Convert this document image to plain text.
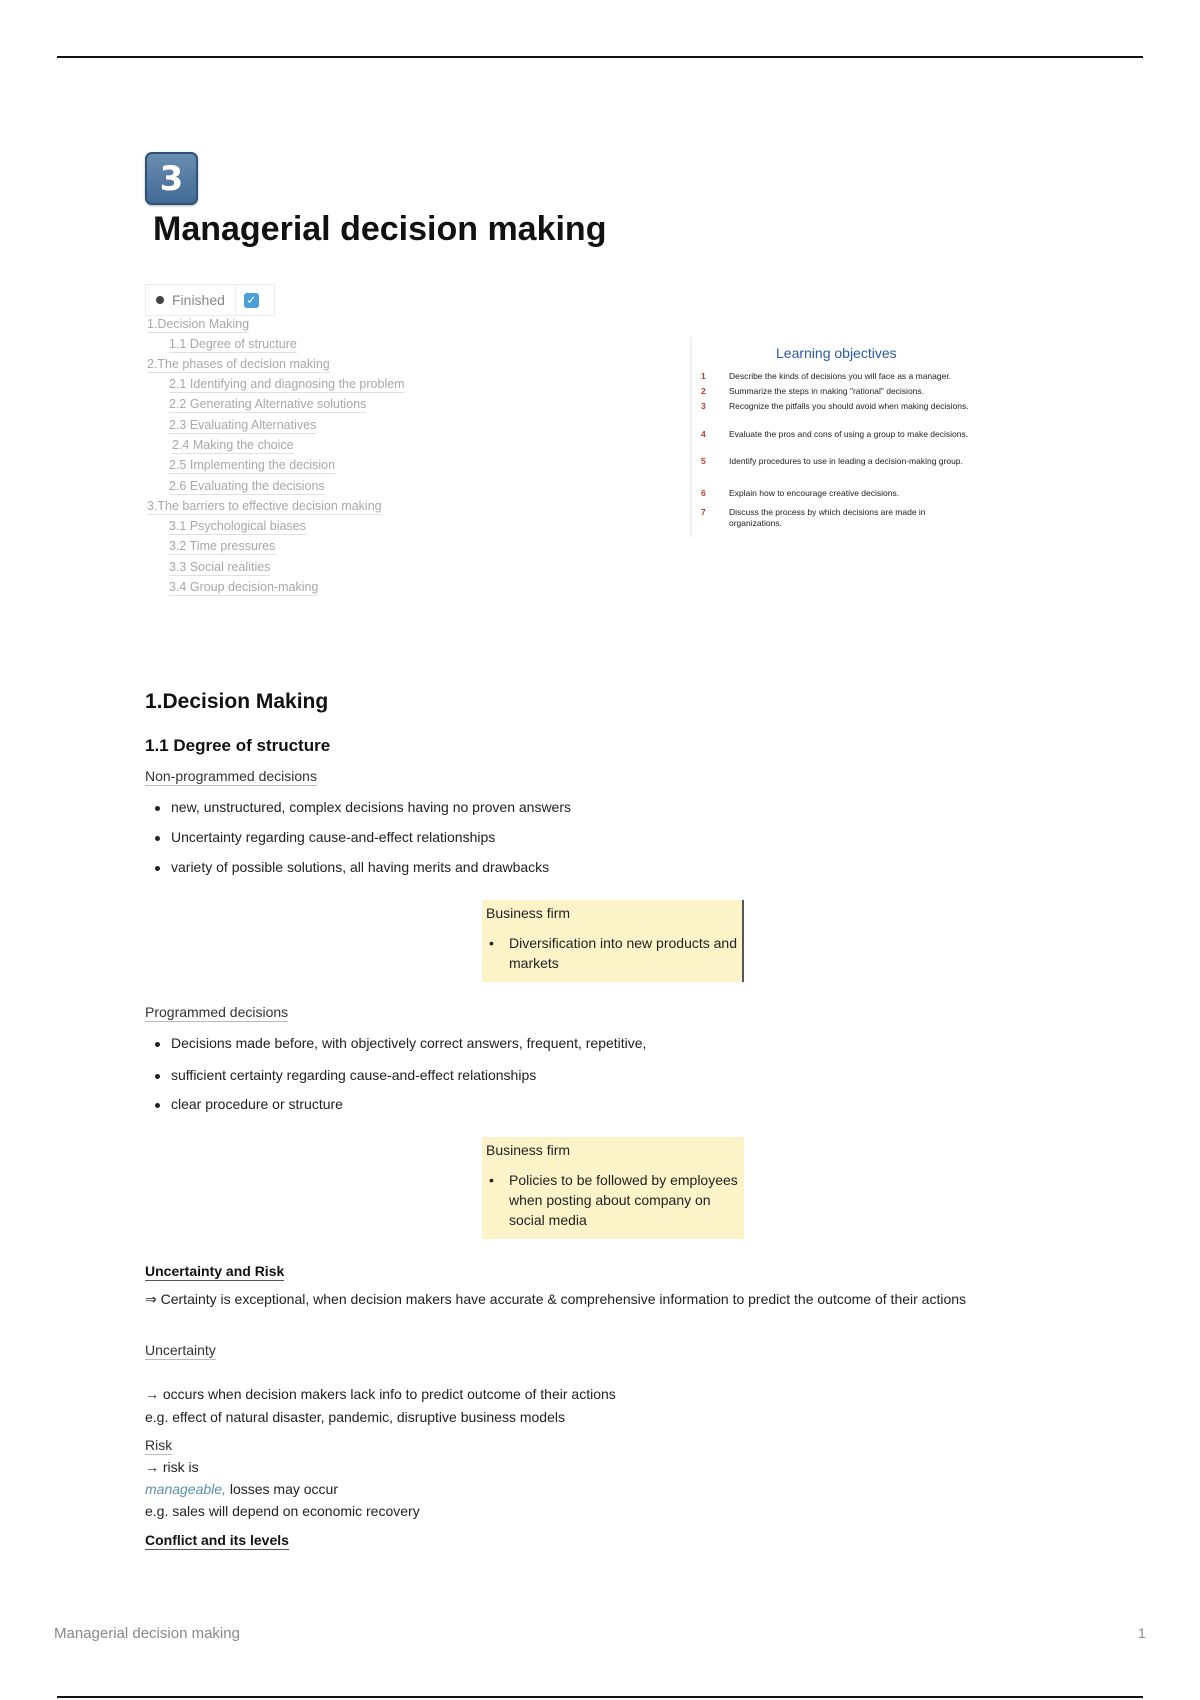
3
Managerial decision making
Finished ✓
1.Decision Making
1.1 Degree of structure
2.The phases of decision making
2.1 Identifying and diagnosing the problem
2.2 Generating Alternative solutions
2.3 Evaluating Alternatives
2.4 Making the choice
2.5 Implementing the decision
2.6 Evaluating the decisions
3.The barriers to effective decision making
3.1 Psychological biases
3.2 Time pressures
3.3 Social realities
3.4 Group decision-making
Learning objectives
1	Describe the kinds of decisions you will face as a manager.
2	Summarize the steps in making "rational" decisions.
3	Recognize the pitfalls you should avoid when making decisions.
4	Evaluate the pros and cons of using a group to make decisions.
5	Identify procedures to use in leading a decision-making group.
6	Explain how to encourage creative decisions.
7	Discuss the process by which decisions are made in organizations.
1.Decision Making
1.1 Degree of structure
Non-programmed decisions
new, unstructured, complex decisions having no proven answers
Uncertainty regarding cause-and-effect relationships
variety of possible solutions, all having merits and drawbacks
Business firm
• Diversification into new products and markets
Programmed decisions
Decisions made before, with objectively correct answers, frequent, repetitive,
sufficient certainty regarding cause-and-effect relationships
clear procedure or structure
Business firm
• Policies to be followed by employees when posting about company on social media
Uncertainty and Risk
⇒ Certainty is exceptional, when decision makers have accurate & comprehensive information to predict the outcome of their actions
Uncertainty
→ occurs when decision makers lack info to predict outcome of their actions
e.g. effect of natural disaster, pandemic, disruptive business models
Risk
→ risk is
manageable, losses may occur
e.g. sales will depend on economic recovery
Conflict and its levels
Managerial decision making	1
